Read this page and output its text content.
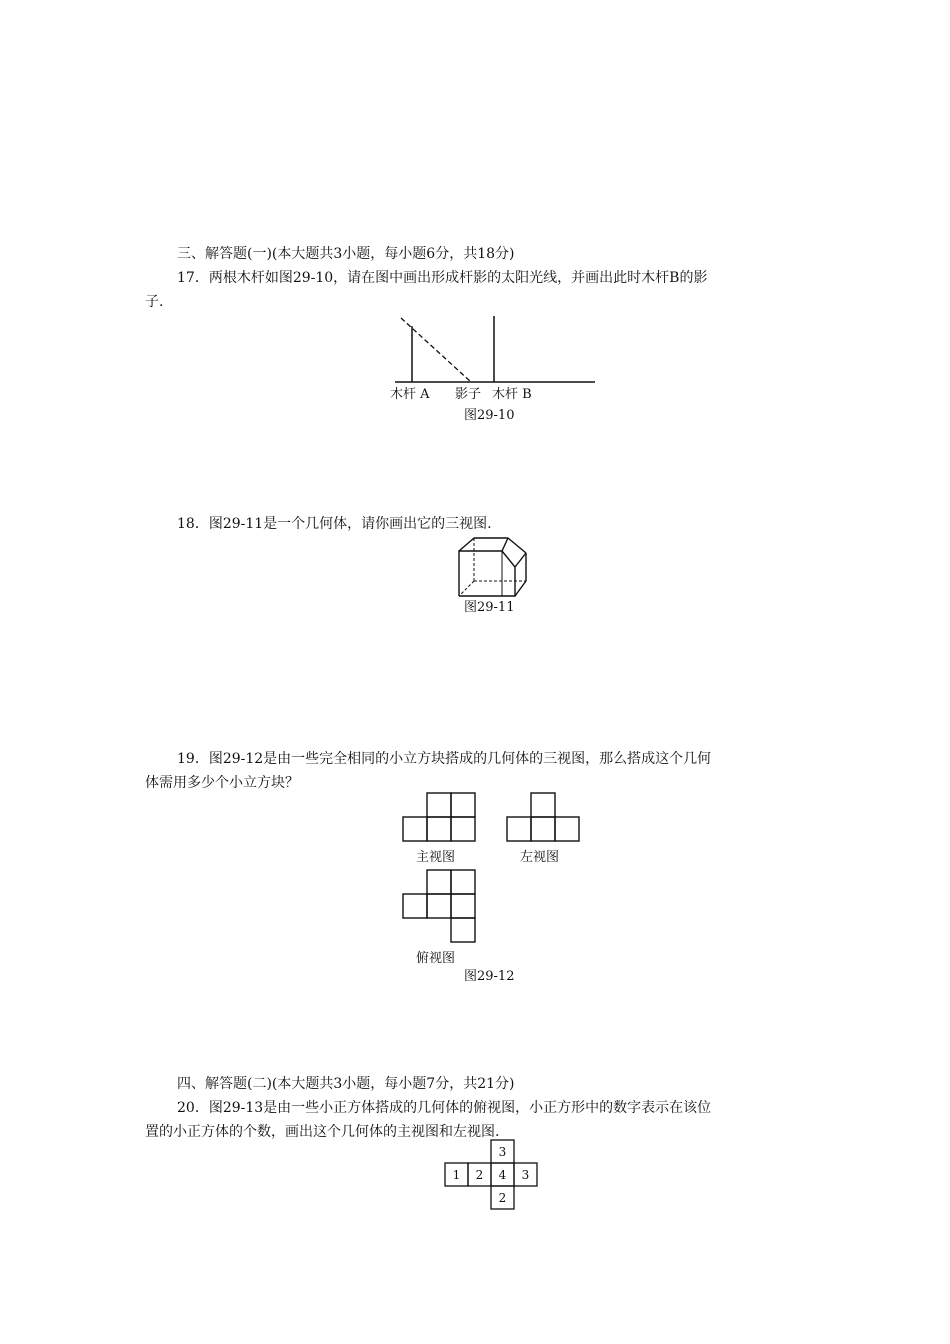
三、解答题(一)(本大题共3小题，每小题6分，共18分)
17．两根木杆如图29-10，请在图中画出形成杆影的太阳光线，并画出此时木杆B的影
子.
木杆 A 影子 木杆 B
图29-10
18．图29-11是一个几何体，请你画出它的三视图.
图29-11
19．图29-12是由一些完全相同的小立方块搭成的几何体的三视图，那么搭成这个几何
体需用多少个小立方块？
主视图	左视图
俯视图
图29-12
四、解答题(二)(本大题共3小题，每小题7分，共21分)
20．图29-13是由一些小正方体搭成的几何体的俯视图，小正方形中的数字表示在该位
置的小正方体的个数，画出这个几何体的主视图和左视图.
3
1 2 4 3
2
